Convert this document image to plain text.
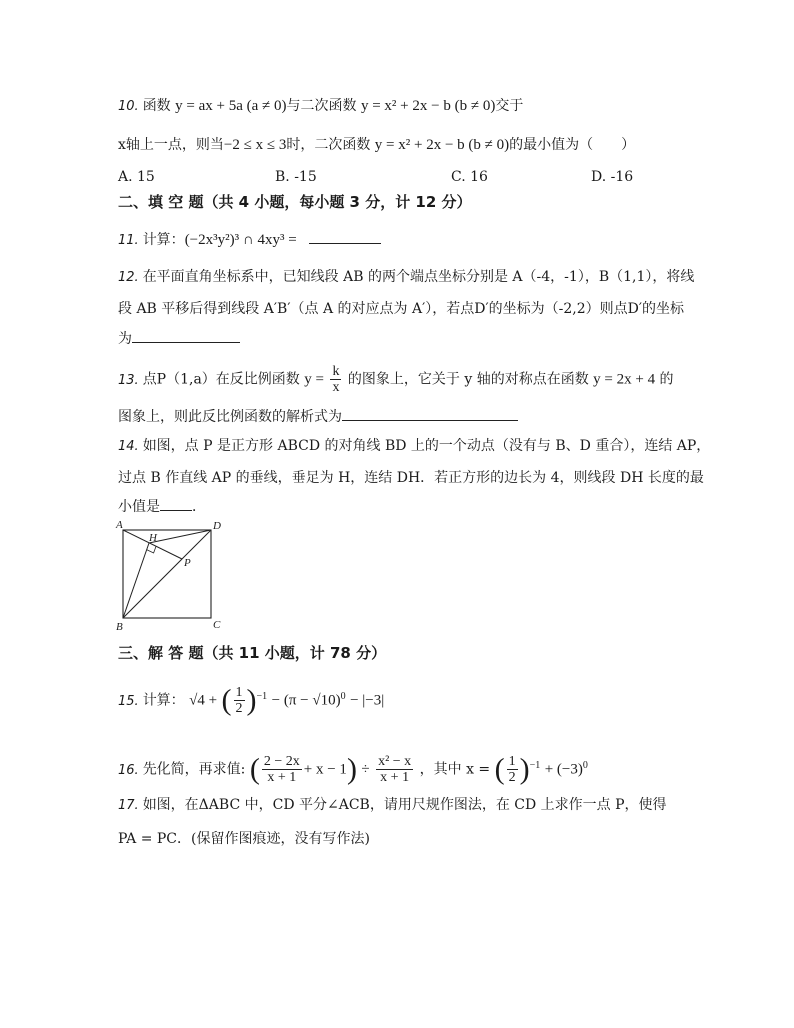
10. 函数 y = ax + 5a (a ≠ 0)与二次函数 y = x² + 2x − b (b ≠ 0)交于
x轴上一点，则当−2 ≤ x ≤ 3时，二次函数 y = x² + 2x − b (b ≠ 0)的最小值为（　　）
A. 15	B. -15	C. 16	D. -16
二、填 空 题（共 4 小题，每小题 3 分，计 12 分）
11. 计算：(−2x³y²)³ ∩ 4xy³ =
12. 在平面直角坐标系中，已知线段 AB 的两个端点坐标分别是 A（-4，-1），B（1,1），将线
段 AB 平移后得到线段 A′B′（点 A 的对应点为 A′），若点D′的坐标为（-2,2）则点D′的坐标
为
13. 点P（1,a）在反比例函数 $y = \frac{k}{x}$ 的图象上，它关于 y 轴的对称点在函数 y = 2x + 4 的
图象上，则此反比例函数的解析式为
14. 如图，点 P 是正方形 ABCD 的对角线 BD 上的一个动点（没有与 B、D 重合），连结 AP，
过点 B 作直线 AP 的垂线，垂足为 H，连结 DH．若正方形的边长为 4，则线段 DH 长度的最
小值是 ．
A	D
B	C
H
P
三、解 答 题（共 11 小题，计 78 分）
15. 计算： √4 + ( $\frac{1}{2} )^{-1} - (\pi - √10)^0 - |-3|$
16. 先化简，再求值: ( $\frac{2 - 2x}{x + 1} + x - 1) \div \frac{\text{x² − x}}{x + 1}$ ，其中 x = ( $\frac{1}{2} )^{-1} + (-3)^0$
17. 如图，在ΔABC 中，CD 平分∠ACB，请用尺规作图法，在 CD 上求作一点 P，使得
PA = PC．(保留作图痕迹，没有写作法)
